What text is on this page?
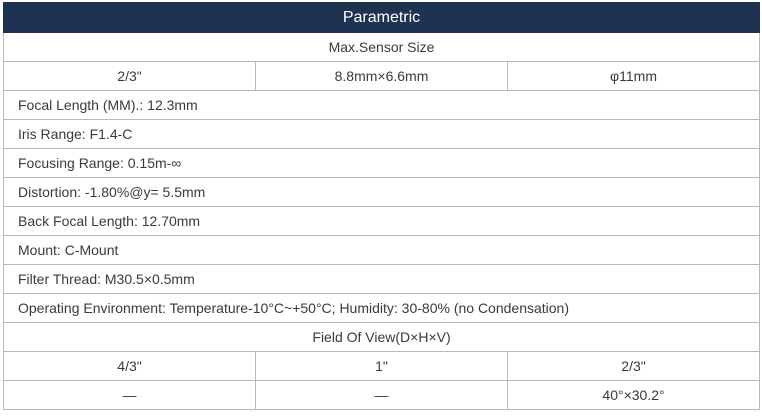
Parametric		
Max.Sensor Size		
2/3"	8.8mm×6.6mm	φ11mm
Focal Length (MM).: 12.3mm		
Iris Range: F1.4-C		
Focusing Range: 0.15m-∞		
Distortion: -1.80%@y= 5.5mm		
Back Focal Length: 12.70mm		
Mount: C-Mount		
Filter Thread: M30.5×0.5mm		
Operating Environment: Temperature-10°C~+50°C; Humidity: 30-80% (no Condensation)		
Field Of View(D×H×V)		
4/3"	1"	2/3"
—	—	40°×30.2°
